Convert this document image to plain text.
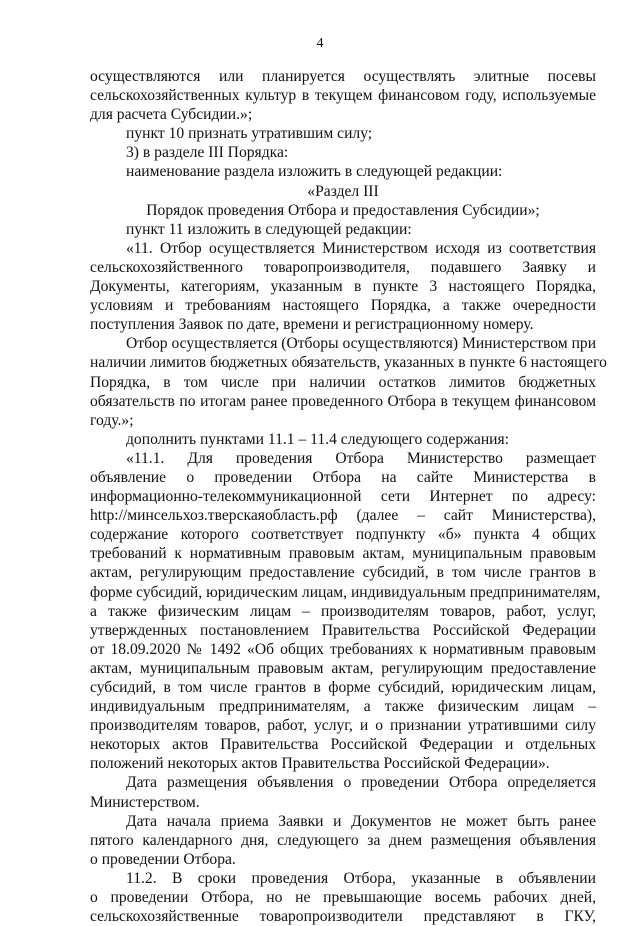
4
осуществляются или планируется осуществлять элитные посевы
сельскохозяйственных культур в текущем финансовом году, используемые
для расчета Субсидии.»;
пункт 10 признать утратившим силу;
3) в разделе III Порядка:
наименование раздела изложить в следующей редакции:
«Раздел III
Порядок проведения Отбора и предоставления Субсидии»;
пункт 11 изложить в следующей редакции:
«11. Отбор осуществляется Министерством исходя из соответствия
сельскохозяйственного товаропроизводителя, подавшего Заявку и
Документы, категориям, указанным в пункте 3 настоящего Порядка,
условиям и требованиям настоящего Порядка, а также очередности
поступления Заявок по дате, времени и регистрационному номеру.
Отбор осуществляется (Отборы осуществляются) Министерством при
наличии лимитов бюджетных обязательств, указанных в пункте 6 настоящего
Порядка, в том числе при наличии остатков лимитов бюджетных
обязательств по итогам ранее проведенного Отбора в текущем финансовом
году.»;
дополнить пунктами 11.1 – 11.4 следующего содержания:
«11.1. Для проведения Отбора Министерство размещает
объявление о проведении Отбора на сайте Министерства в
информационно-телекоммуникационной сети Интернет по адресу:
http://минсельхоз.тверскаяобласть.рф (далее – сайт Министерства),
содержание которого соответствует подпункту «б» пункта 4 общих
требований к нормативным правовым актам, муниципальным правовым
актам, регулирующим предоставление субсидий, в том числе грантов в
форме субсидий, юридическим лицам, индивидуальным предпринимателям,
а также физическим лицам – производителям товаров, работ, услуг,
утвержденных постановлением Правительства Российской Федерации
от 18.09.2020 № 1492 «Об общих требованиях к нормативным правовым
актам, муниципальным правовым актам, регулирующим предоставление
субсидий, в том числе грантов в форме субсидий, юридическим лицам,
индивидуальным предпринимателям, а также физическим лицам –
производителям товаров, работ, услуг, и о признании утратившими силу
некоторых актов Правительства Российской Федерации и отдельных
положений некоторых актов Правительства Российской Федерации».
Дата размещения объявления о проведении Отбора определяется
Министерством.
Дата начала приема Заявки и Документов не может быть ранее
пятого календарного дня, следующего за днем размещения объявления
о проведении Отбора.
11.2. В сроки проведения Отбора, указанные в объявлении
о проведении Отбора, но не превышающие восемь рабочих дней,
сельскохозяйственные товаропроизводители представляют в ГКУ,
